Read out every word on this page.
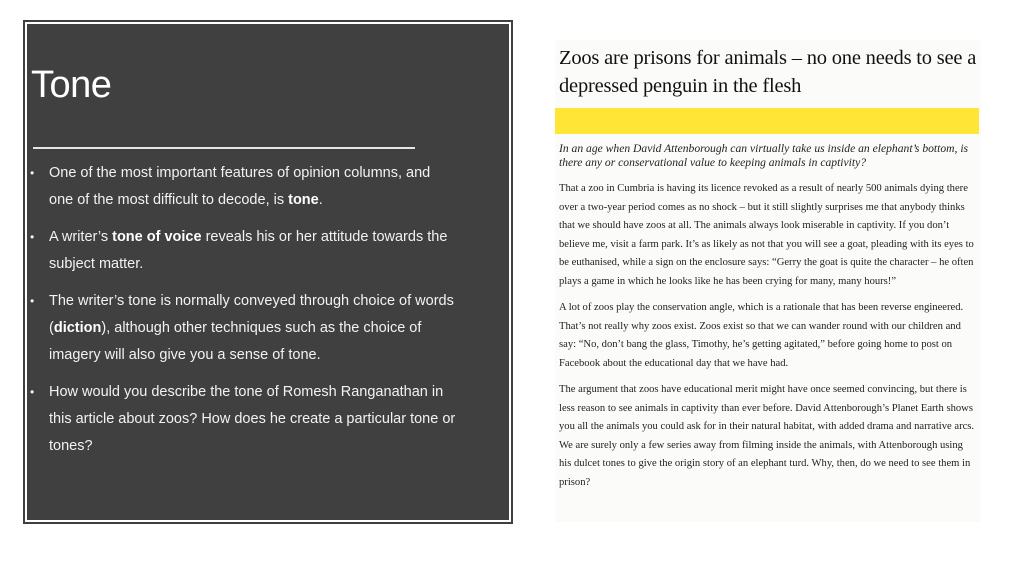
Tone
• One of the most important features of opinion columns, and one of the most difficult to decode, is tone.
• A writer’s tone of voice reveals his or her attitude towards the subject matter.
• The writer’s tone is normally conveyed through choice of words (diction), although other techniques such as the choice of imagery will also give you a sense of tone.
• How would you describe the tone of Romesh Ranganathan in this article about zoos? How does he create a particular tone or tones?
Zoos are prisons for animals – no one needs to see a depressed penguin in the flesh

In an age when David Attenborough can virtually take us inside an elephant’s bottom, is there any or conservational value to keeping animals in captivity?

That a zoo in Cumbria is having its licence revoked as a result of nearly 500 animals dying there over a two-year period comes as no shock – but it still slightly surprises me that anybody thinks that we should have zoos at all. The animals always look miserable in captivity. If you don’t believe me, visit a farm park. It’s as likely as not that you will see a goat, pleading with its eyes to be euthanised, while a sign on the enclosure says: “Gerry the goat is quite the character – he often plays a game in which he looks like he has been crying for many, many hours!”

A lot of zoos play the conservation angle, which is a rationale that has been reverse engineered. That’s not really why zoos exist. Zoos exist so that we can wander round with our children and say: “No, don’t bang the glass, Timothy, he’s getting agitated,” before going home to post on Facebook about the educational day that we have had.

The argument that zoos have educational merit might have once seemed convincing, but there is less reason to see animals in captivity than ever before. David Attenborough’s Planet Earth shows you all the animals you could ask for in their natural habitat, with added drama and narrative arcs. We are surely only a few series away from filming inside the animals, with Attenborough using his dulcet tones to give the origin story of an elephant turd. Why, then, do we need to see them in prison?
